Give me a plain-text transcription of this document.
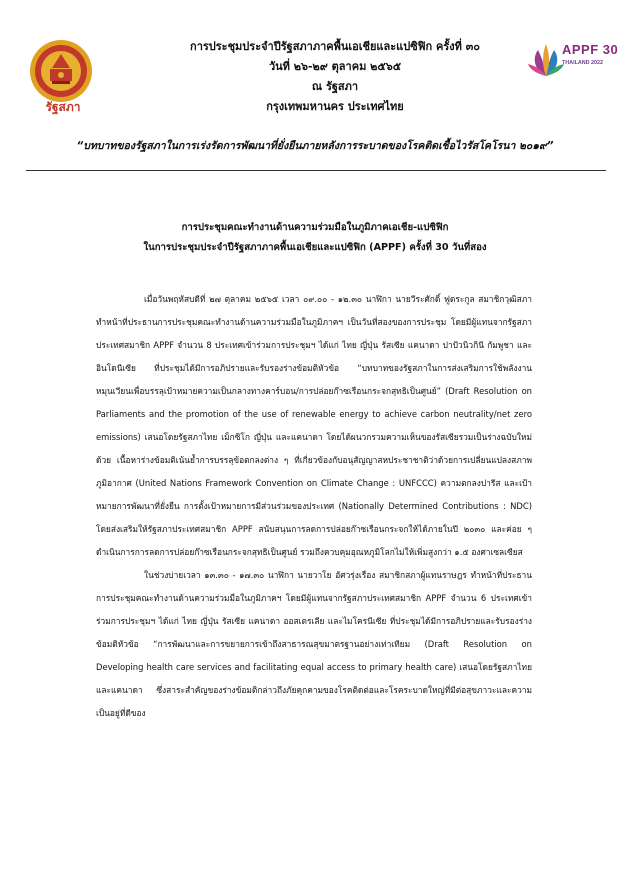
รัฐสภา
APPF 30
THAILAND 2022
การประชุมประจำปีรัฐสภาภาคพื้นเอเชียและแปซิฟิก ครั้งที่ ๓๐
วันที่ ๒๖-๒๙ ตุลาคม ๒๕๖๕
ณ รัฐสภา
กรุงเทพมหานคร ประเทศไทย
“บทบาทของรัฐสภาในการเร่งรัดการพัฒนาที่ยั่งยืนภายหลังการระบาดของโรคติดเชื้อไวรัสโคโรนา ๒๐๑๙”
การประชุมคณะทำงานด้านความร่วมมือในภูมิภาคเอเชีย-แปซิฟิก
ในการประชุมประจำปีรัฐสภาภาคพื้นเอเชียและแปซิฟิก (APPF) ครั้งที่ 30 วันที่สอง

เมื่อวันพฤหัสบดีที่ ๒๗ ตุลาคม ๒๕๖๕ เวลา ๐๙.๐๐ - ๑๒.๓๐ นาฬิกา นายวีระศักดิ์ ฟูตระกูล สมาชิกวุฒิสภา ทำหน้าที่ประธานการประชุมคณะทำงานด้านความร่วมมือในภูมิภาคฯ เป็นวันที่สองของการประชุม โดยมีผู้แทนจากรัฐสภาประเทศสมาชิก APPF จำนวน 8 ประเทศเข้าร่วมการประชุมฯ ได้แก่ ไทย ญี่ปุ่น รัสเซีย แคนาดา ปาปัวนิวกินี กัมพูชา และอินโดนีเซีย ที่ประชุมได้มีการอภิปรายและรับรองร่างข้อมติหัวข้อ “บทบาทของรัฐสภาในการส่งเสริมการใช้พลังงานหมุนเวียนเพื่อบรรลุเป้าหมายความเป็นกลางทางคาร์บอน/การปล่อยก๊าซเรือนกระจกสุทธิเป็นศูนย์” (Draft Resolution on Parliaments and the promotion of the use of renewable energy to achieve carbon neutrality/net zero emissions) เสนอโดยรัฐสภาไทย เม็กซิโก ญี่ปุ่น และแคนาดา โดยได้ผนวกรวมความเห็นของรัสเซียรวมเป็นร่างฉบับใหม่ด้วย เนื้อหาร่างข้อมติเน้นย้ำการบรรลุข้อตกลงต่าง ๆ ที่เกี่ยวข้องกับอนุสัญญาสหประชาชาติว่าด้วยการเปลี่ยนแปลงสภาพภูมิอากาศ (United Nations Framework Convention on Climate Change : UNFCCC) ความตกลงปารีส และเป้าหมายการพัฒนาที่ยั่งยืน การตั้งเป้าหมายการมีส่วนร่วมของประเทศ (Nationally Determined Contributions : NDC) โดยส่งเสริมให้รัฐสภาประเทศสมาชิก APPF สนับสนุนการลดการปล่อยก๊าซเรือนกระจกให้ได้ภายในปี ๒๐๓๐ และค่อย ๆ ดำเนินการการลดการปล่อยก๊าซเรือนกระจกสุทธิเป็นศูนย์ รวมถึงควบคุมอุณหภูมิโลกไม่ให้เพิ่มสูงกว่า ๑.๕ องศาเซลเซียส

ในช่วงบ่ายเวลา ๑๓.๓๐ - ๑๗.๓๐ นาฬิกา นายวาโย อัศวรุ่งเรือง สมาชิกสภาผู้แทนราษฎร ทำหน้าที่ประธานการประชุมคณะทำงานด้านความร่วมมือในภูมิภาคฯ โดยมีผู้แทนจากรัฐสภาประเทศสมาชิก APPF จำนวน 6 ประเทศเข้าร่วมการประชุมฯ ได้แก่ ไทย ญี่ปุ่น รัสเซีย แคนาดา ออสเตรเลีย และไมโครนีเซีย ที่ประชุมได้มีการอภิปรายและรับรองร่างข้อมติหัวข้อ “การพัฒนาและการขยายการเข้าถึงสาธารณสุขมาตรฐานอย่างเท่าเทียม (Draft Resolution on Developing health care services and facilitating equal access to primary health care) เสนอโดยรัฐสภาไทยและแคนาดา ซึ่งสาระสำคัญของร่างข้อมติกล่าวถึงภัยคุกคามของโรคติดต่อและโรคระบาดใหญ่ที่มีต่อสุขภาวะและความเป็นอยู่ที่ดีของ
